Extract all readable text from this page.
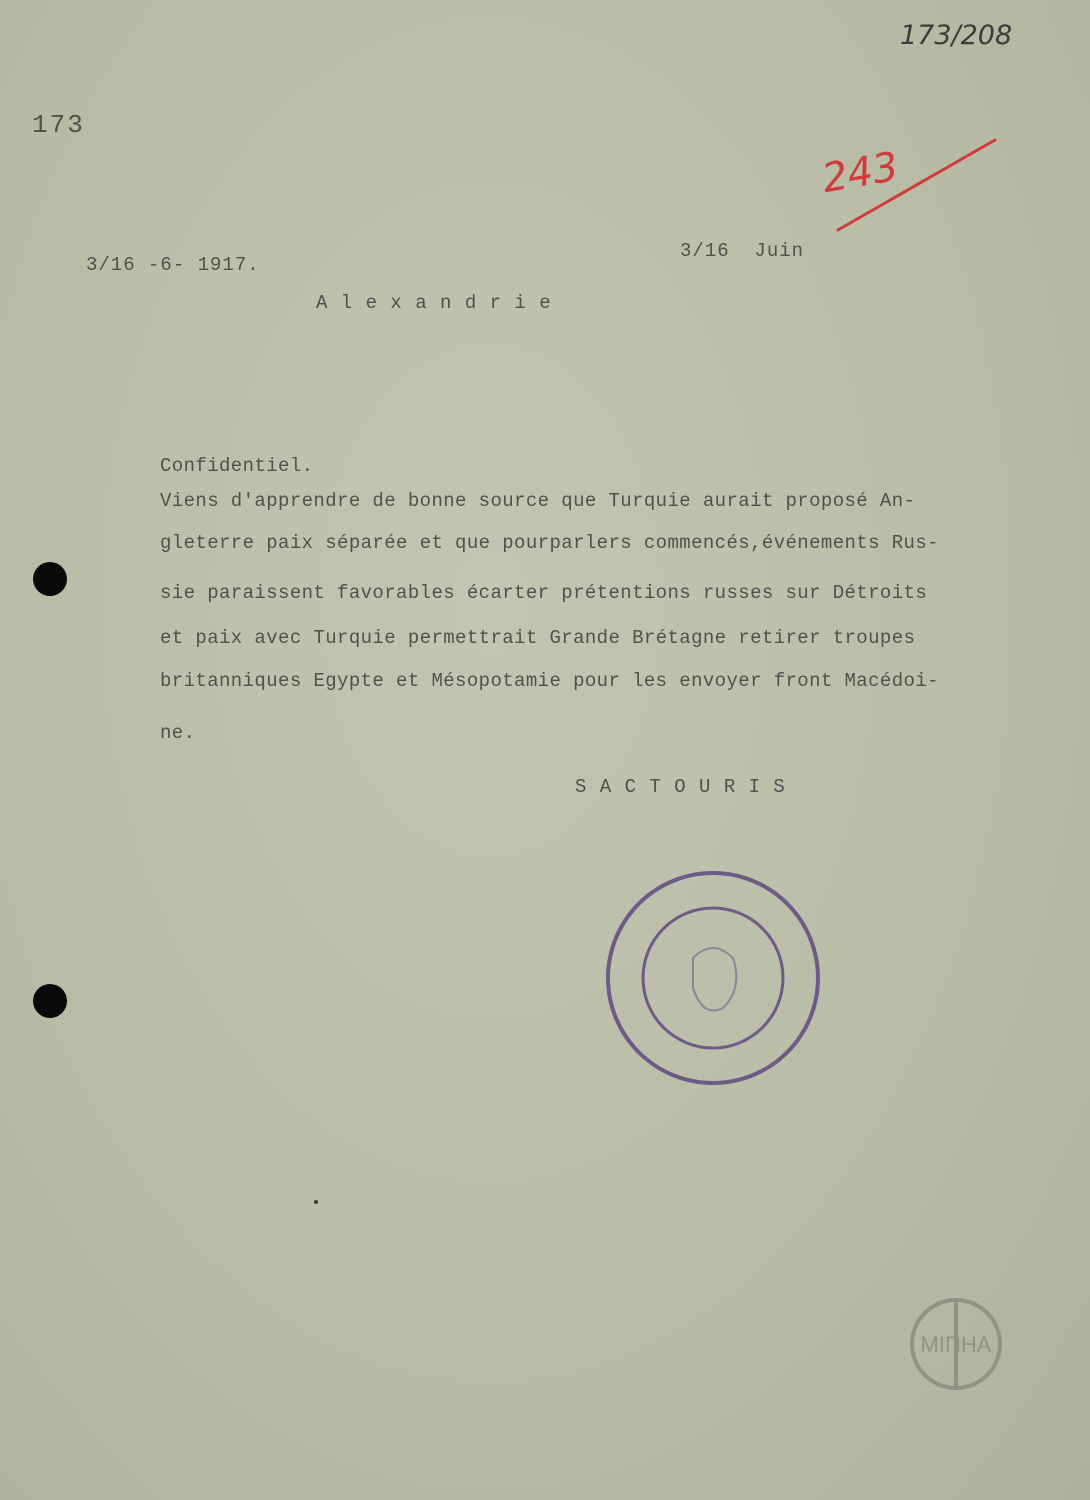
173/208
173
243
3/16 -6- 1917.
3/16  Juin
A l e x a n d r i e
Confidentiel.
Viens d'apprendre de bonne source que Turquie aurait proposé An-
gleterre paix séparée et que pourparlers commencés,événements Rus-
sie paraissent favorables écarter prétentions russes sur Détroits
et paix avec Turquie permettrait Grande Brétagne retirer troupes
britanniques Egypte et Mésopotamie pour les envoyer front Macédoi-
ne.
S A C T O U R I S
ΜΙΠΗΑ
